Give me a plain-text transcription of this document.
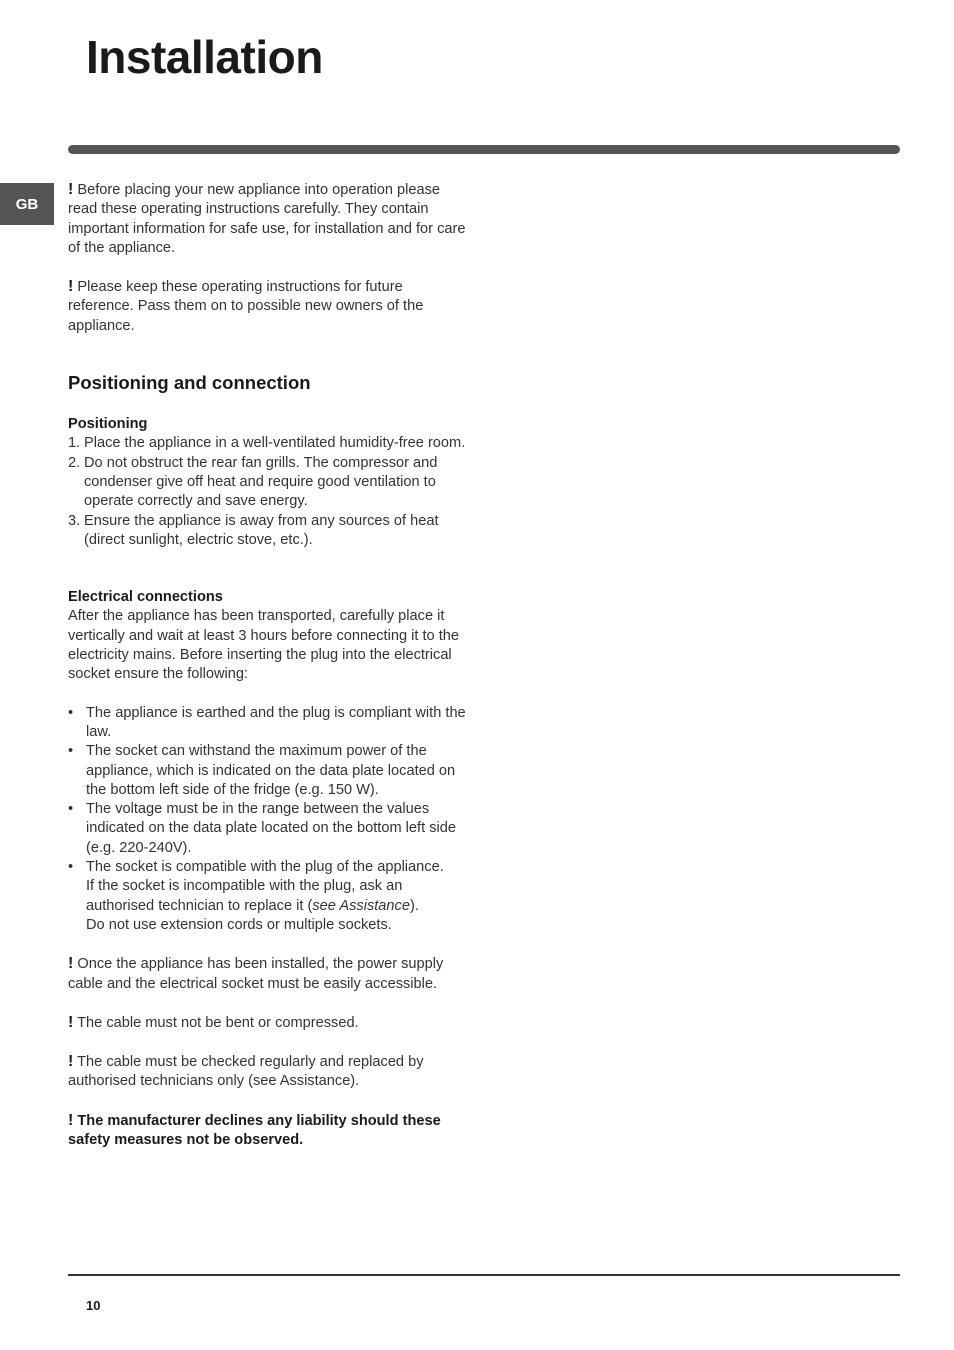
Installation
GB

! Before placing your new appliance into operation please read these operating instructions carefully. They contain important information for safe use, for installation and for care of the appliance.

! Please keep these operating instructions for future reference. Pass them on to possible new owners of the appliance.

Positioning and connection

Positioning

1. Place the appliance in a well-ventilated humidity-free room.
2. Do not obstruct the rear fan grills. The compressor and condenser give off heat and require good ventilation to operate correctly and save energy.
3. Ensure the appliance is away from any sources of heat (direct sunlight, electric stove, etc.).

Electrical connections

After the appliance has been transported, carefully place it vertically and wait at least 3 hours before connecting it to the electricity mains. Before inserting the plug into the electrical socket ensure the following:

• The appliance is earthed and the plug is compliant with the law.
• The socket can withstand the maximum power of the appliance, which is indicated on the data plate located on the bottom left side of the fridge (e.g. 150 W).
• The voltage must be in the range between the values indicated on the data plate located on the bottom left side (e.g. 220-240V).
• The socket is compatible with the plug of the appliance.
If the socket is incompatible with the plug, ask an authorised technician to replace it (see Assistance).
Do not use extension cords or multiple sockets.

! Once the appliance has been installed, the power supply cable and the electrical socket must be easily accessible.

! The cable must not be bent or compressed.

! The cable must be checked regularly and replaced by authorised technicians only (see Assistance).

! The manufacturer declines any liability should these safety measures not be observed.

10
